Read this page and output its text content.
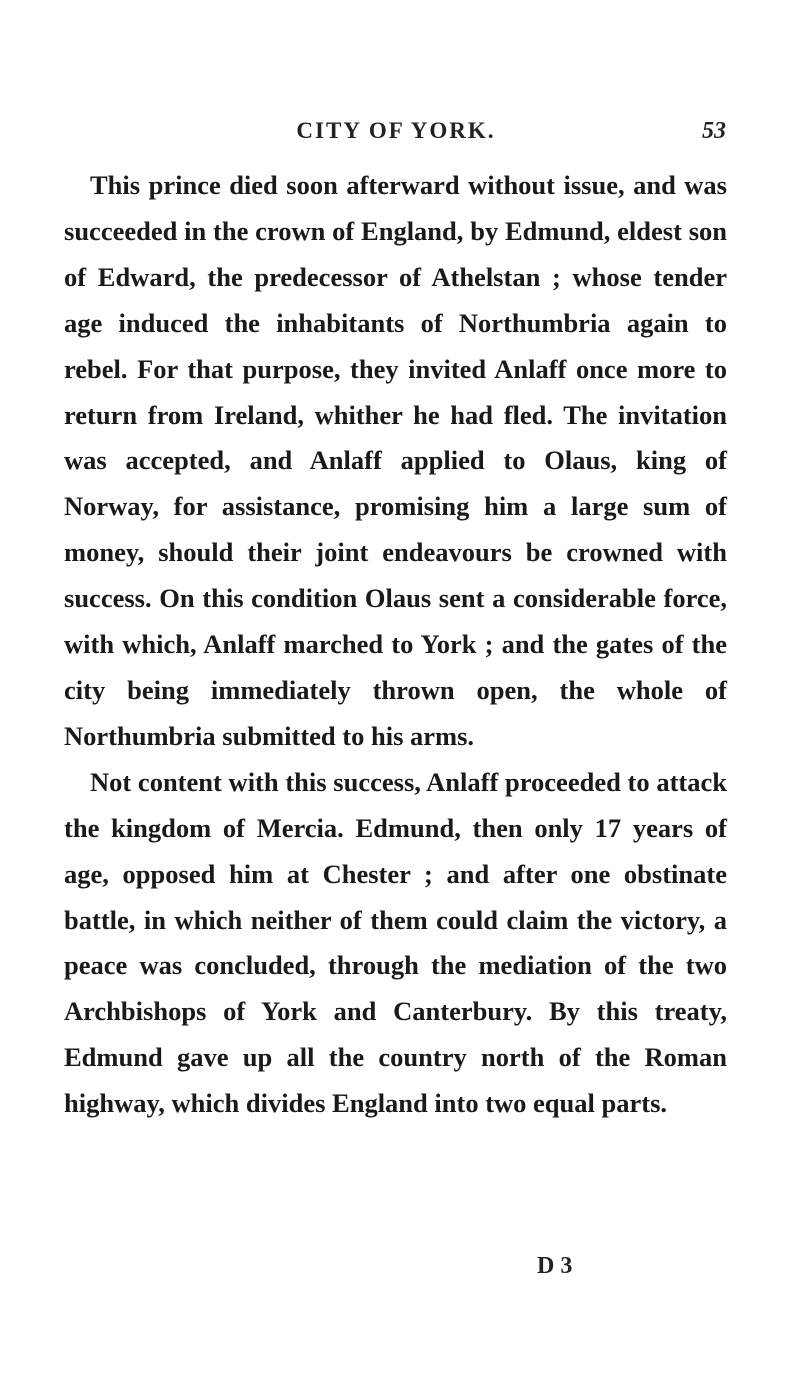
CITY OF YORK.	53

This prince died soon afterward without issue, and was succeeded in the crown of England, by Edmund, eldest son of Edward, the predecessor of Athelstan ; whose tender age induced the inhabitants of Northumbria again to rebel. For that purpose, they invited Anlaff once more to return from Ireland, whither he had fled. The invitation was accepted, and Anlaff applied to Olaus, king of Norway, for assistance, promising him a large sum of money, should their joint endeavours be crowned with success. On this condition Olaus sent a considerable force, with which, Anlaff marched to York ; and the gates of the city being immediately thrown open, the whole of Northumbria submitted to his arms.

Not content with this success, Anlaff proceeded to attack the kingdom of Mercia. Edmund, then only 17 years of age, opposed him at Chester ; and after one obstinate battle, in which neither of them could claim the victory, a peace was concluded, through the mediation of the two Archbishops of York and Canterbury. By this treaty, Edmund gave up all the country north of the Roman highway, which divides England into two equal parts.

D 3
